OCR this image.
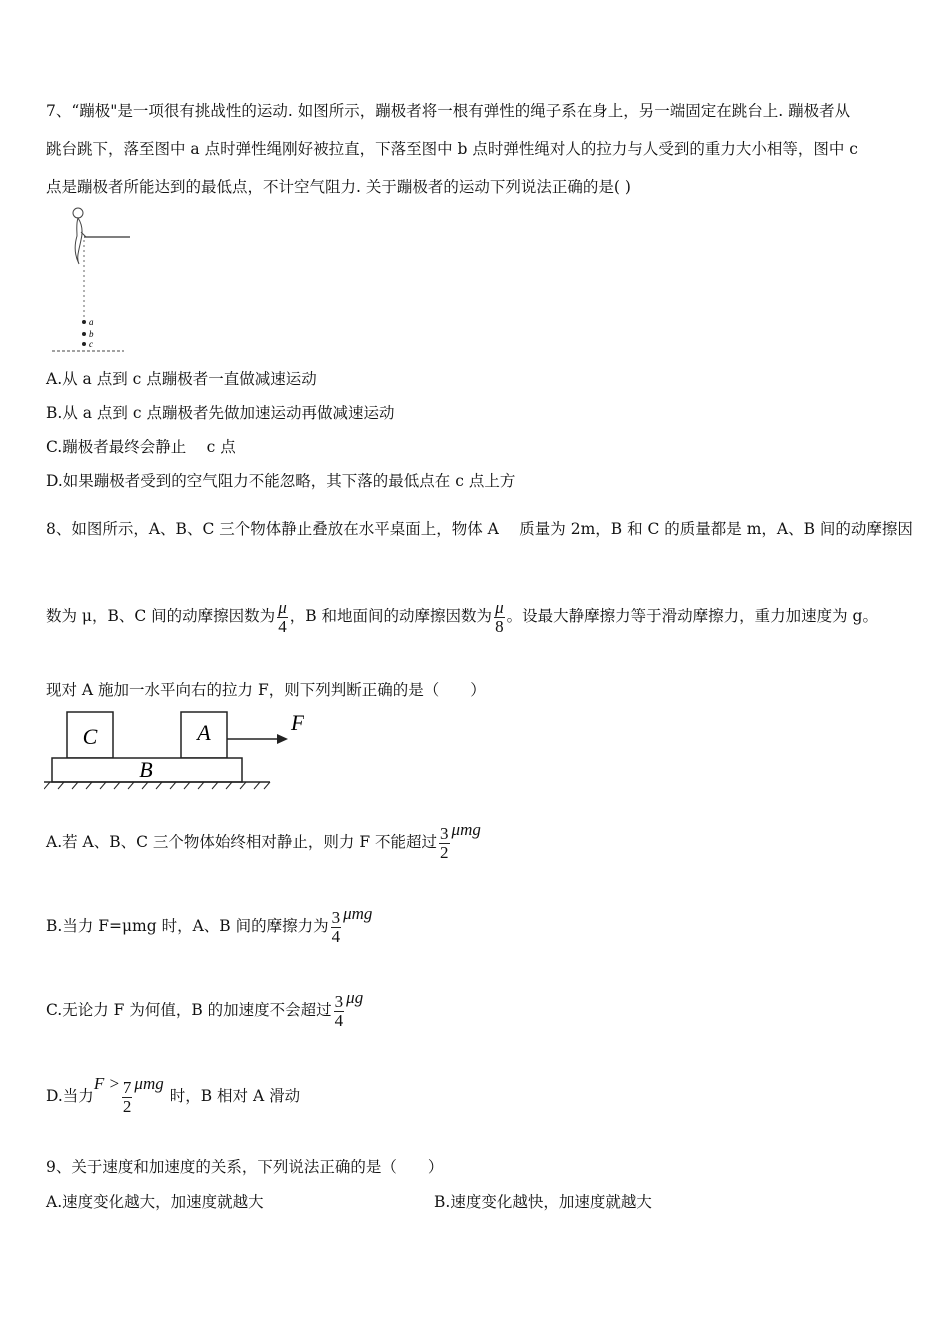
7、“蹦极"是一项很有挑战性的运动. 如图所示，蹦极者将一根有弹性的绳子系在身上，另一端固定在跳台上. 蹦极者从
跳台跳下，落至图中 a 点时弹性绳刚好被拉直，下落至图中 b 点时弹性绳对人的拉力与人受到的重力大小相等，图中 c
点是蹦极者所能达到的最低点，不计空气阻力. 关于蹦极者的运动下列说法正确的是( )
a
b
c
A.从 a 点到 c 点蹦极者一直做减速运动
B.从 a 点到 c 点蹦极者先做加速运动再做减速运动
C.蹦极者最终会静止　 c 点
D.如果蹦极者受到的空气阻力不能忽略，其下落的最低点在 c 点上方
8、如图所示，A、B、C 三个物体静止叠放在水平桌面上，物体 A　 质量为 2m，B 和 C 的质量都是 m，A、B 间的动摩擦因
数为 μ，B、C 间的动摩擦因数为 $\frac{\mu}{4}$ ，B 和地面间的动摩擦因数为 $\frac{\mu}{8}$ 。设最大静摩擦力等于滑动摩擦力，重力加速度为 g。
现对 A 施加一水平向右的拉力 F，则下列判断正确的是（　　）
C	A	F
B
A.若 A、B、C 三个物体始终相对静止，则力 F 不能超过 $\frac{3}{2}$ μmg
B.当力 F=μmg 时，A、B 间的摩擦力为 $\frac{3}{4}$ μmg
C.无论力 F 为何值，B 的加速度不会超过 $\frac{3}{4}$ μg
D.当力$F > \frac{7}{2}$ μmg时，B 相对 A 滑动
9、关于速度和加速度的关系，下列说法正确的是（　　）
A.速度变化越大，加速度就越大	B.速度变化越快，加速度就越大
